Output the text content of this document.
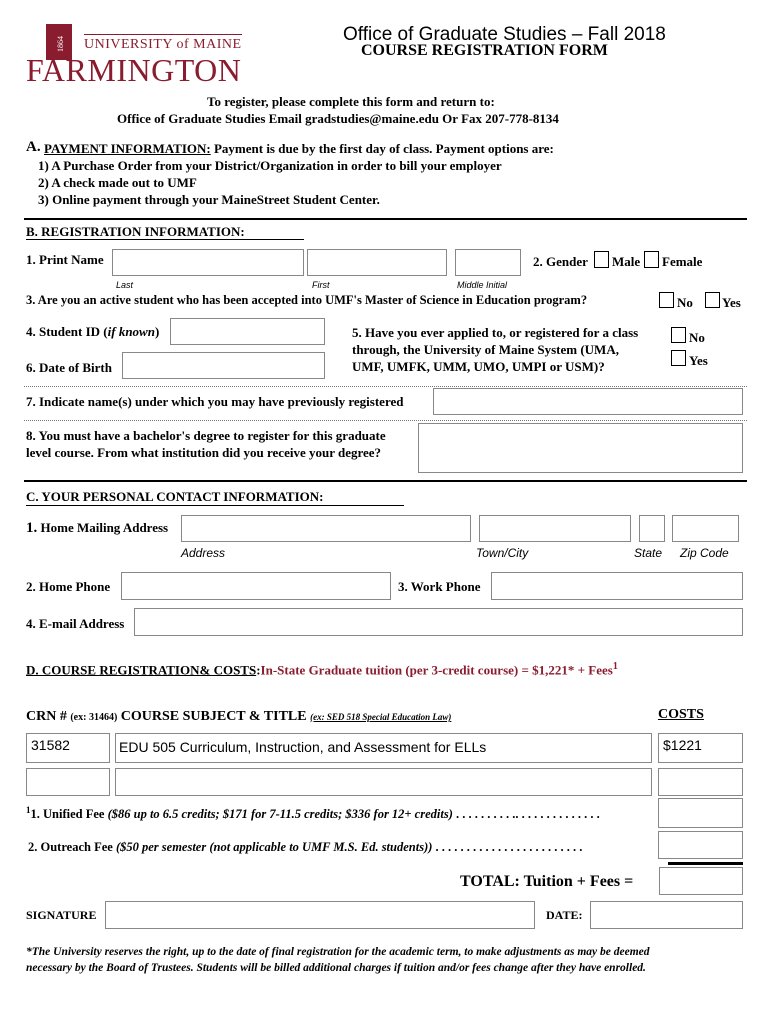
1864 UNIVERSITY of MAINE
FARMINGTON
Office of Graduate Studies – Fall 2018
COURSE REGISTRATION FORM
To register, please complete this form and return to:
Office of Graduate Studies Email gradstudies@maine.edu Or Fax 207-778-8134
A. PAYMENT INFORMATION: Payment is due by the first day of class. Payment options are:
1) A Purchase Order from your District/Organization in order to bill your employer
2) A check made out to UMF
3) Online payment through your MaineStreet Student Center.
B. REGISTRATION INFORMATION:
1. Print Name
Last	First	Middle Initial
2. Gender Male Female
3. Are you an active student who has been accepted into UMF's Master of Science in Education program?	No Yes
4. Student ID (if known)
6. Date of Birth
5. Have you ever applied to, or registered for a class
through, the University of Maine System (UMA,
UMF, UMFK, UMM, UMO, UMPI or USM)?
No
Yes
7. Indicate name(s) under which you may have previously registered
8. You must have a bachelor's degree to register for this graduate
level course. From what institution did you receive your degree?
C. YOUR PERSONAL CONTACT INFORMATION:
1. Home Mailing Address
Address	Town/City	State Zip Code
2. Home Phone	3. Work Phone
4. E-mail Address
D. COURSE REGISTRATION& COSTS:In-State Graduate tuition (per 3-credit course) = $1,221* + Fees$^1$
CRN # (ex: 31464) COURSE SUBJECT & TITLE (ex: SED 518 Special Education Law)	COSTS
31582	EDU 505 Curriculum, Instruction, and Assessment for ELLs	$1221
$^1$1. Unified Fee ($86 up to 6.5 credits; $171 for 7-11.5 credits; $336 for 12+ credits) . . . . . . . . . .. . . . . . . . . . . . . .
2. Outreach Fee ($50 per semester (not applicable to UMF M.S. Ed. students)) . . . . . . . . . . . . . . . . . . . . . . . .
TOTAL: Tuition + Fees =
SIGNATURE	DATE:
*The University reserves the right, up to the date of final registration for the academic term, to make adjustments as may be deemed
necessary by the Board of Trustees. Students will be billed additional charges if tuition and/or fees change after they have enrolled.
